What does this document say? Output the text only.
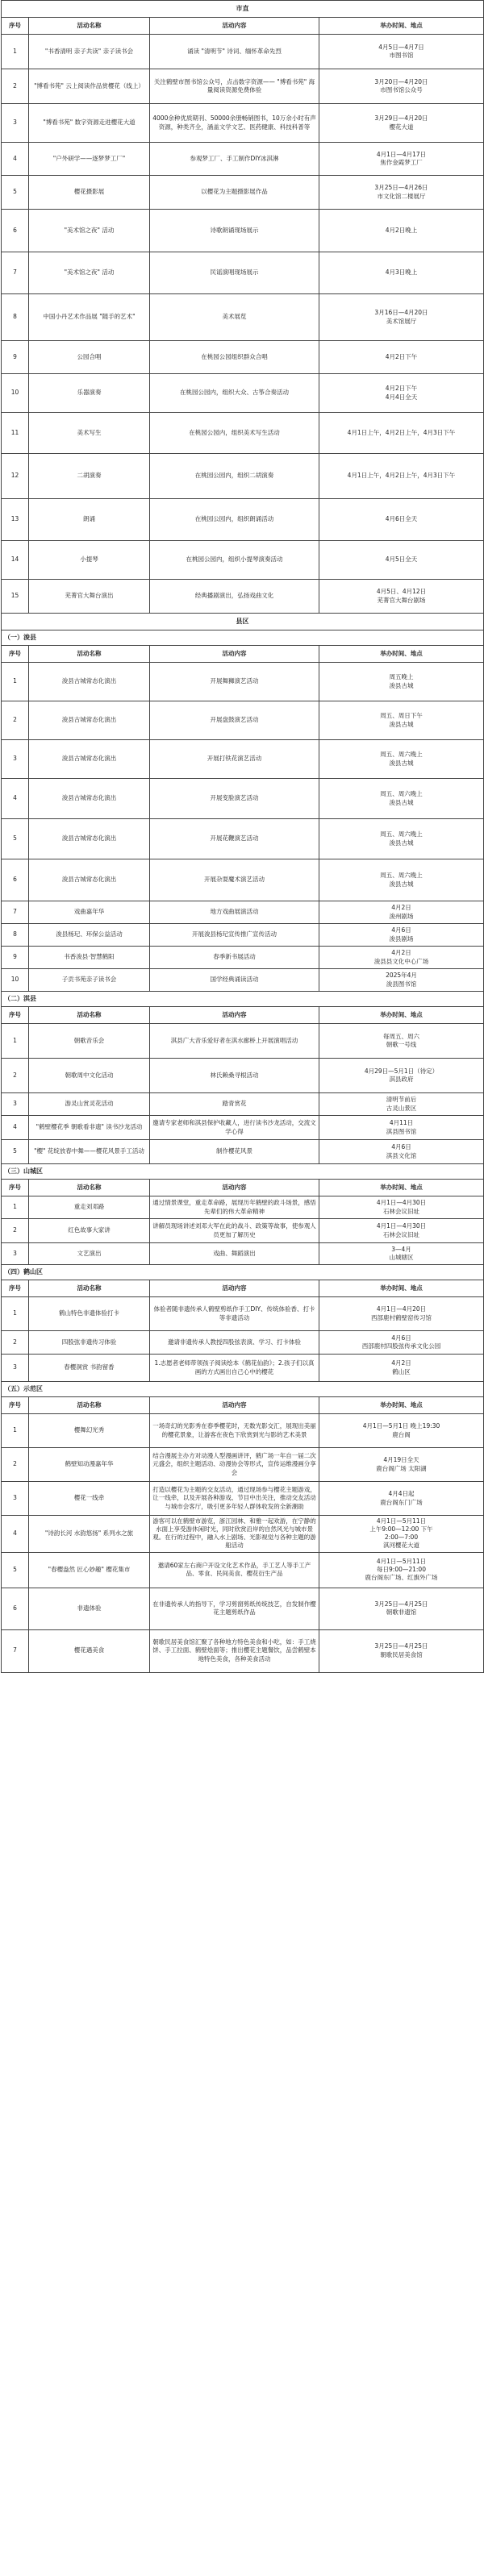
市直			
序号	活动名称	活动内容	举办时间、地点
1	"书香清明 亲子共读" 亲子读书会	诵读 "清明节" 诗词、缅怀革命先烈	4月5日—4月7日
市图书馆
2	"博看书苑" 云上阅读作品赏樱花（线上）	关注鹤壁市图书馆公众号，点击数字资源—— "博看书苑" 海量阅读资源免费体验	3月20日—4月20日
市图书馆公众号
3	"博看书苑" 数字资源走进樱花大道	4000余种优质期刊、50000余册畅销图书，10万余小时有声资源，种类齐全，涵盖文学文艺、医药健康、科技科普等	3月29日—4月20日
樱花大道
4	"户外研学——逐梦梦工厂"	参观梦工厂、手工制作DIY冰淇淋	4月1日—4月17日
焦作金霞梦工厂
5	樱花摄影展	以樱花为主题摄影展作品	3月25日—4月26日
市文化馆二楼展厅
6	"美术馆之夜" 活动	诗歌朗诵现场展示	4月2日晚上
7	"美术馆之夜" 活动	民谣演唱现场展示	4月3日晚上
8	中国小丹艺术作品展 "随手的艺术"	美术展览	3月16日—4月20日
美术馆展厅
9	公园合唱	在桃园公园组织群众合唱	4月2日下午
10	乐器演奏	在桃园公园内，组织大众、古筝合奏活动	4月2日下午
4月4日全天
11	美术写生	在桃园公园内，组织美术写生活动	4月1日上午，4月2日上午，4月3日下午
12	二胡演奏	在桃园公园内，组织二胡演奏	4月1日上午，4月2日上午，4月3日下午
13	朗诵	在桃园公园内，组织朗诵活动	4月6日全天
14	小提琴	在桃园公园内，组织小提琴演奏活动	4月5日全天
15	芜菁官大舞台演出	经典播剧演出，弘扬戏曲文化	4月5日、4月12日
芜菁官大舞台剧场
县区			
（一）浚县			
序号	活动名称	活动内容	举办时间、地点
1	浚县古城常态化演出	开展舞狮演艺活动	周五晚上
浚县古城
2	浚县古城常态化演出	开展盘鼓演艺活动	周五、周日下午
浚县古城
3	浚县古城常态化演出	开展打铁花演艺活动	周五、周六晚上
浚县古城
4	浚县古城常态化演出	开展变脸演艺活动	周五、周六晚上
浚县古城
5	浚县古城常态化演出	开展花鞭演艺活动	周五、周六晚上
浚县古城
6	浚县古城常态化演出	开展杂耍魔术演艺活动	周五、周六晚上
浚县古城
7	戏曲嘉年华	地方戏曲展演活动	4月2日
浚州剧场
8	浚县杨玘、环保公益活动	开展浚县杨玘宣传推广宣传活动	4月6日
浚县剧场
9	书香浚县·智慧鹤阳	春季新书展活动	4月2日
浚县县文化中心广场
10	子贡书苑亲子读书会	国学经典诵读活动	2025年4月
浚县图书馆
（二）淇县			
序号	活动名称	活动内容	举办时间、地点
1	朝歌音乐会	淇县广大音乐爱好者在淇水廊桥上开展演唱活动	每周五、周六
朝歌一号线
2	朝歌周中文化活动	林氏赖桑寻根活动	4月29日—5月1日（待定）
淇县政府
3	游灵山赏灵花活动	踏青赏花	清明节前后
古灵山景区
4	"鹤壁樱花季 朝歌看非遗" 读书沙龙活动	邀请专家老师和淇县保护收藏人，进行读书沙龙活动，交流文学心得	4月11日
淇县图书馆
5	"樱" 花绽放春中舞——樱花风景手工活动	制作樱花风景	4月6日
淇县文化馆
（三）山城区			
序号	活动名称	活动内容	举办时间、地点
1	重走刘邓路	通过情景课堂，重走革命路，展现历年鹤壁的政斗场景，感悟先辈们的伟大革命精神	4月1日—4月30日
石林会议旧址
2	红色故事大家讲	讲解员现场讲述刘邓大军在此的战斗、政策等故事，使参观人员更加了解历史	4月1日—4月30日
石林会议旧址
3	文艺演出	戏曲、舞蹈演出	3—4月
山城辖区
（四）鹤山区			
序号	活动名称	活动内容	举办时间、地点
1	鹤山特色非遗体验打卡	体验者随非遗传承人鹤壁剪纸作手工DIY、传统体验香、打卡等非遗活动	4月1日—4月20日
西部鹿村鹤壁窑传习馆
2	四股弦非遗传习体验	邀请非遗传承人教授四股弦表演、学习、打卡体验	4月6日
西部鹿村四股弦传承文化公园
3	春樱洞赏 书韵留香	1.志愿者老师带领孩子阅读绘本《鹤花仙韵》；2.孩子们以真画的方式画出自己心中的樱花	4月2日
鹤山区
（五）示范区			
序号	活动名称	活动内容	举办时间、地点
1	樱舞幻光秀	一场奇幻的光影秀在春季樱花时，无数光影交汇，展现出美丽的樱花景象，让游客在夜色下欣赏到光与影的艺术美景	4月1日—5月1日 晚上19:30
鹿台阁
2	鹤壁知动漫嘉年华	结合漫展主办方对动漫人型漫画讲评，鹤广场一年自一届二次元盛会，组织主题活动、动漫协会等形式，宣传运维漫画分享会	4月19日全天
鹿台阁广场 太阳湖
3	樱花一线牵	打造以樱花为主题的交友活动，通过现场参与樱花主题游戏，让一线牵，以及开展各种游戏、节目中出关注，推动交友活动与城市会客厅，吸引更多年轻人群体收发的全新潮助	4月4日起
鹿台阁东门广场
4	"诗韵长河 水韵悠扬" 系列水之旅	游客可以在鹤壁市游览，浙江园林、和雅一起欢游，在宁静的水面上享受游休闲时光，同时欣赏沿岸的自然风光与城市景观。在行的过程中，融入水上剧场、光影视觉与各种主题的游船活动	4月1日—5月11日
上午9:00—12:00 下午
2:00—7:00
淇河樱花大道
5	"春樱盎然 匠心妙趣" 樱花集市	邀请60家左右商户开设文化艺术作品，手工艺人等手工产品、零食、民间美食、樱花衍生产品	4月1日—5月11日
每日9:00—21:00
鹿台阁东广场、红旗外广场
6	非遗体验	在非遗传承人的指导下，学习剪窗剪纸传统技艺，自发制作樱花主题剪纸作品	3月25日—4月25日
朝歌非遗馆
7	樱花遇美食	朝歌民居美食馆汇聚了各种地方特色美食和小吃，如：手工烧饼、手工拉面、鹤壁烩面等；推出樱花主题餐饮，品尝鹤壁本地特色美食，各种美食活动	3月25日—4月25日
朝歌民居美食馆
